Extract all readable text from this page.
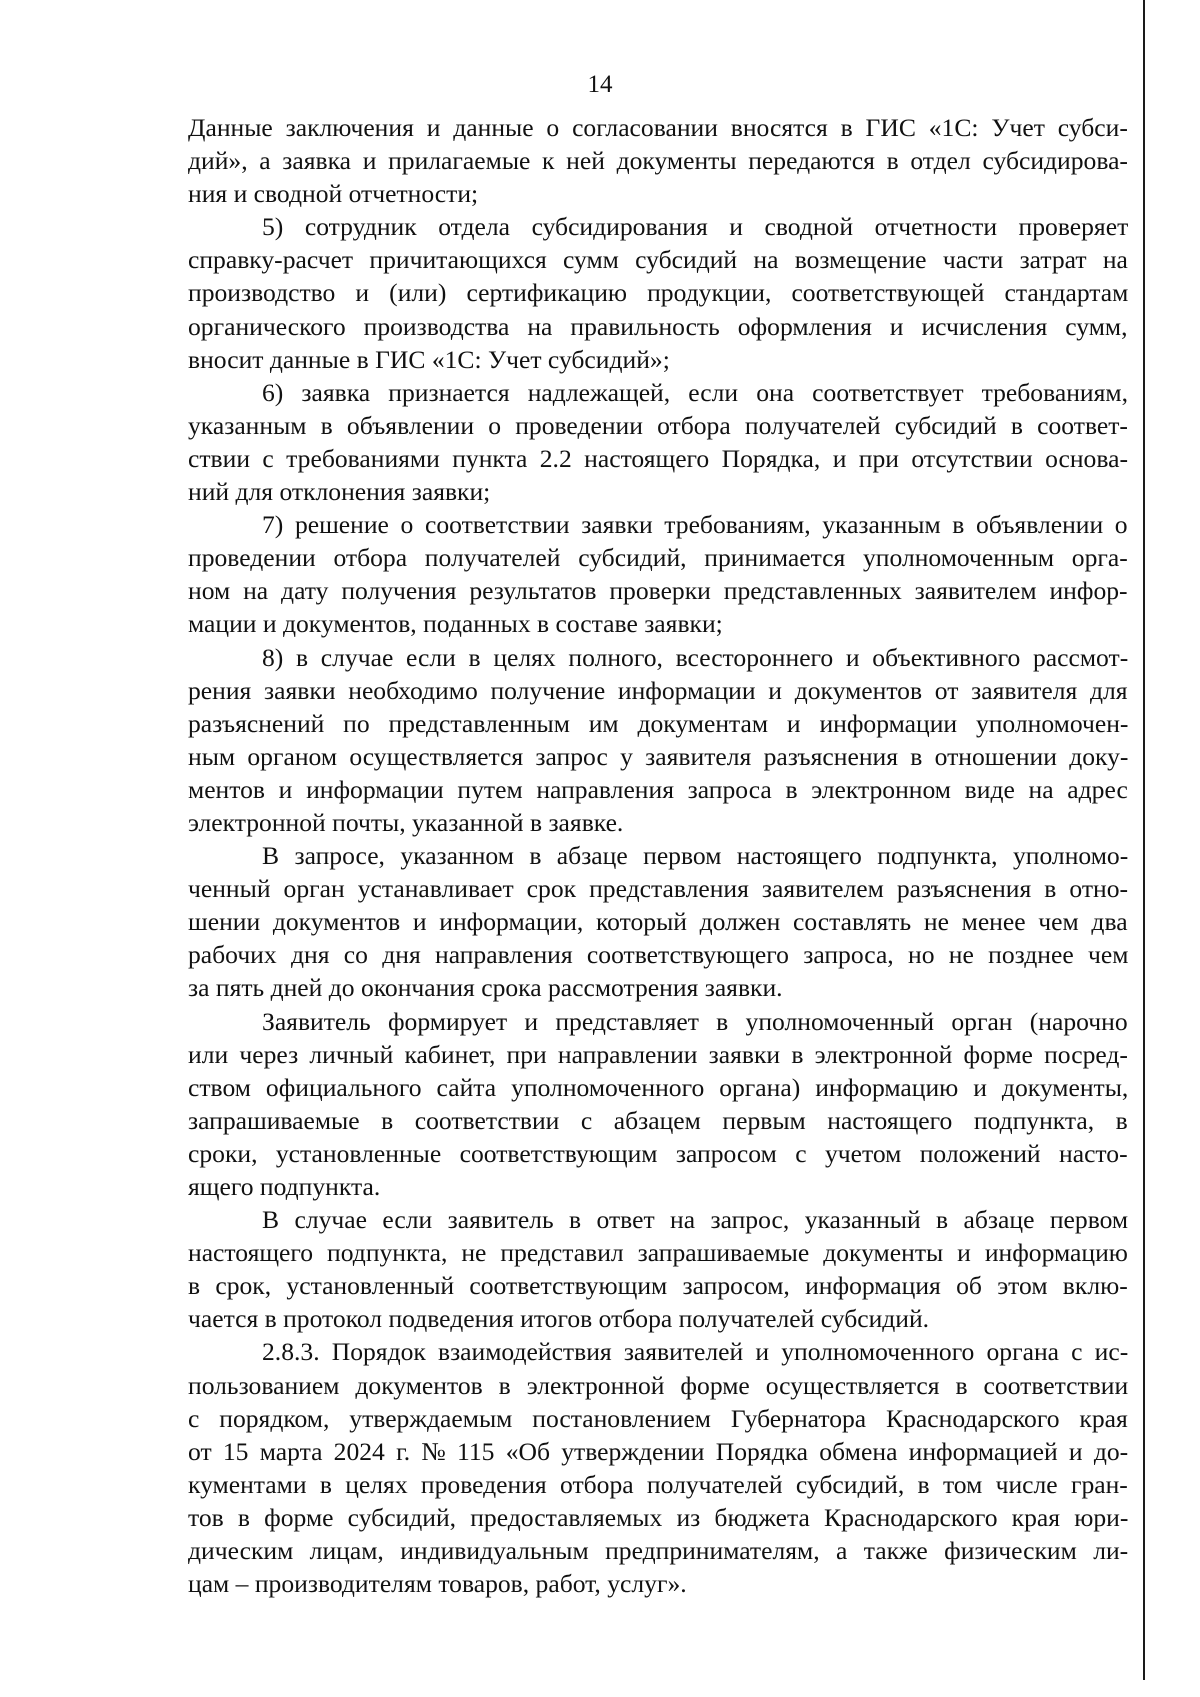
14
Данные заключения и данные о согласовании вносятся в ГИС «1С: Учет субси-
дий», а заявка и прилагаемые к ней документы передаются в отдел субсидирова-
ния и сводной отчетности;
5) сотрудник отдела субсидирования и сводной отчетности проверяет
справку-расчет причитающихся сумм субсидий на возмещение части затрат на
производство и (или) сертификацию продукции, соответствующей стандартам
органического производства на правильность оформления и исчисления сумм,
вносит данные в ГИС «1С: Учет субсидий»;
6) заявка признается надлежащей, если она соответствует требованиям,
указанным в объявлении о проведении отбора получателей субсидий в соответ-
ствии с требованиями пункта 2.2 настоящего Порядка, и при отсутствии основа-
ний для отклонения заявки;
7) решение о соответствии заявки требованиям, указанным в объявлении о
проведении отбора получателей субсидий, принимается уполномоченным орга-
ном на дату получения результатов проверки представленных заявителем инфор-
мации и документов, поданных в составе заявки;
8) в случае если в целях полного, всестороннего и объективного рассмот-
рения заявки необходимо получение информации и документов от заявителя для
разъяснений по представленным им документам и информации уполномочен-
ным органом осуществляется запрос у заявителя разъяснения в отношении доку-
ментов и информации путем направления запроса в электронном виде на адрес
электронной почты, указанной в заявке.
В запросе, указанном в абзаце первом настоящего подпункта, уполномо-
ченный орган устанавливает срок представления заявителем разъяснения в отно-
шении документов и информации, который должен составлять не менее чем два
рабочих дня со дня направления соответствующего запроса, но не позднее чем
за пять дней до окончания срока рассмотрения заявки.
Заявитель формирует и представляет в уполномоченный орган (нарочно
или через личный кабинет, при направлении заявки в электронной форме посред-
ством официального сайта уполномоченного органа) информацию и документы,
запрашиваемые в соответствии с абзацем первым настоящего подпункта, в
сроки, установленные соответствующим запросом с учетом положений насто-
ящего подпункта.
В случае если заявитель в ответ на запрос, указанный в абзаце первом
настоящего подпункта, не представил запрашиваемые документы и информацию
в срок, установленный соответствующим запросом, информация об этом вклю-
чается в протокол подведения итогов отбора получателей субсидий.
2.8.3. Порядок взаимодействия заявителей и уполномоченного органа с ис-
пользованием документов в электронной форме осуществляется в соответствии
с порядком, утверждаемым постановлением Губернатора Краснодарского края
от 15 марта 2024 г. № 115 «Об утверждении Порядка обмена информацией и до-
кументами в целях проведения отбора получателей субсидий, в том числе гран-
тов в форме субсидий, предоставляемых из бюджета Краснодарского края юри-
дическим лицам, индивидуальным предпринимателям, а также физическим ли-
цам – производителям товаров, работ, услуг».
